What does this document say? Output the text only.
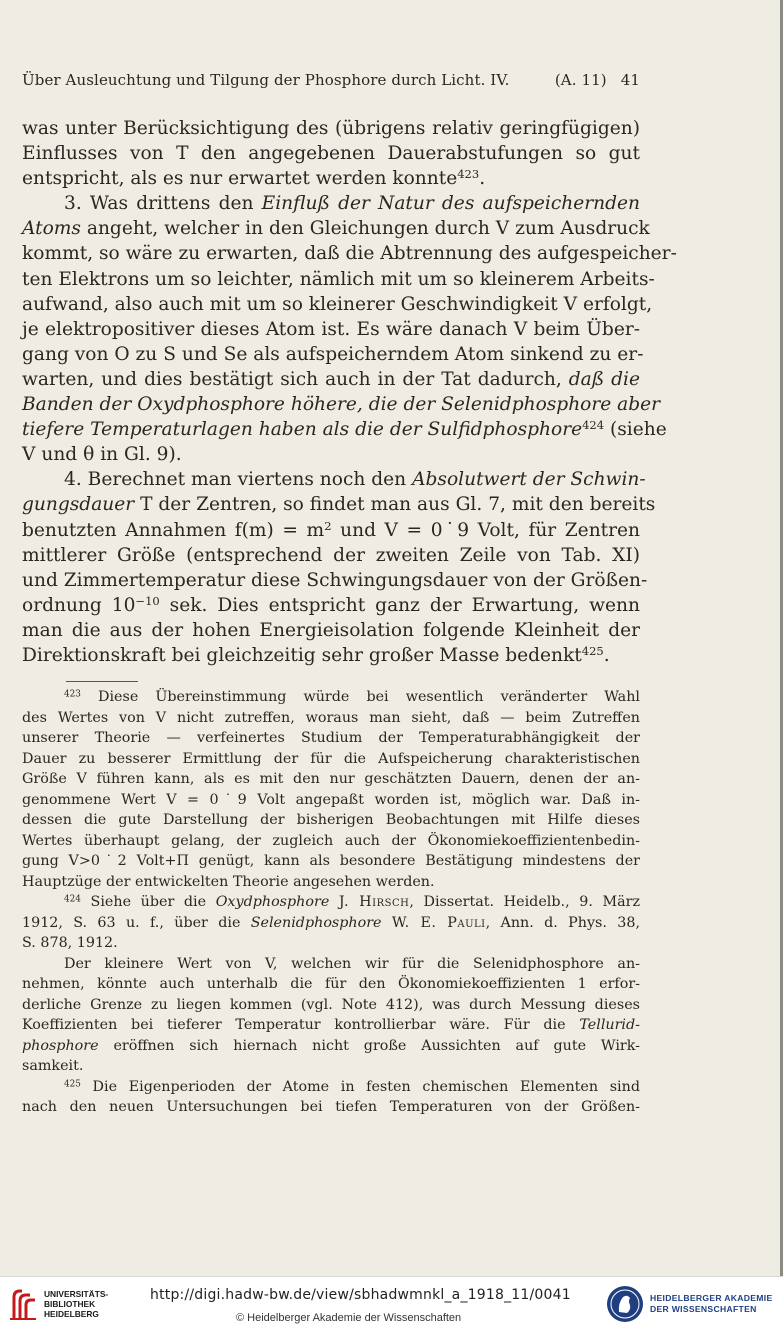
Über Ausleuchtung und Tilgung der Phosphore durch Licht. IV.	(A. 11) 41

was unter Berücksichtigung des (übrigens relativ geringfügigen)

Einflusses von T den angegebenen Dauerabstufungen so gut

entspricht, als es nur erwartet werden konnte$^{423}$.

3. Was drittens den Einfluß der Natur des aufspeichernden

Atoms angeht, welcher in den Gleichungen durch V zum Ausdruck

kommt, so wäre zu erwarten, daß die Abtrennung des aufgespeicher-

ten Elektrons um so leichter, nämlich mit um so kleinerem Arbeits-

aufwand, also auch mit um so kleinerer Geschwindigkeit V erfolgt,

je elektropositiver dieses Atom ist. Es wäre danach V beim Über-

gang von O zu S und Se als aufspeicherndem Atom sinkend zu er-

warten, und dies bestätigt sich auch in der Tat dadurch, daß die

Banden der Oxydphosphore höhere, die der Selenidphosphore aber

tiefere Temperaturlagen haben als die der Sulfidphosphore$^{424}$ (siehe

V und θ in Gl. 9).

4. Berechnet man viertens noch den Absolutwert der Schwin-

gungsdauer T der Zentren, so findet man aus Gl. 7, mit den bereits

benutzten Annahmen $f(m) = m^2$ und V = 0˙9 Volt, für Zentren

mittlerer Größe (entsprechend der zweiten Zeile von Tab. XI)

und Zimmertemperatur diese Schwingungsdauer von der Größen-

ordnung $10^{-10}$ sek. Dies entspricht ganz der Erwartung, wenn

man die aus der hohen Energieisolation folgende Kleinheit der

Direktionskraft bei gleichzeitig sehr großer Masse bedenkt$^{425}$.

$^{423}$ Diese Übereinstimmung würde bei wesentlich veränderter Wahl

des Wertes von V nicht zutreffen, woraus man sieht, daß — beim Zutreffen

unserer Theorie — verfeinertes Studium der Temperaturabhängigkeit der

Dauer zu besserer Ermittlung der für die Aufspeicherung charakteristischen

Größe V führen kann, als es mit den nur geschätzten Dauern, denen der an-

genommene Wert V = 0˙9 Volt angepaßt worden ist, möglich war. Daß in-

dessen die gute Darstellung der bisherigen Beobachtungen mit Hilfe dieses

Wertes überhaupt gelang, der zugleich auch der Ökonomiekoeffizientenbedin-

gung V>0˙2 Volt+Π genügt, kann als besondere Bestätigung mindestens der

Hauptzüge der entwickelten Theorie angesehen werden.

$^{424}$ Siehe über die Oxydphosphore J. Hirsch, Dissertat. Heidelb., 9. März

1912, S. 63 u. f., über die Selenidphosphore W. E. Pauli, Ann. d. Phys. 38,

S. 878, 1912.

Der kleinere Wert von V, welchen wir für die Selenidphosphore an-

nehmen, könnte auch unterhalb die für den Ökonomiekoeffizienten 1 erfor-

derliche Grenze zu liegen kommen (vgl. Note 412), was durch Messung dieses

Koeffizienten bei tieferer Temperatur kontrollierbar wäre. Für die Tellurid-

phosphore eröffnen sich hiernach nicht große Aussichten auf gute Wirk-

samkeit.

$^{425}$ Die Eigenperioden der Atome in festen chemischen Elementen sind

nach den neuen Untersuchungen bei tiefen Temperaturen von der Größen-

UNIVERSITÄTS-
BIBLIOTHEK
HEIDELBERG
http://digi.hadw-bw.de/view/sbhadwmnkl_a_1918_11/0041
© Heidelberger Akademie der Wissenschaften
HEIDELBERGER AKADEMIE
DER WISSENSCHAFTEN
